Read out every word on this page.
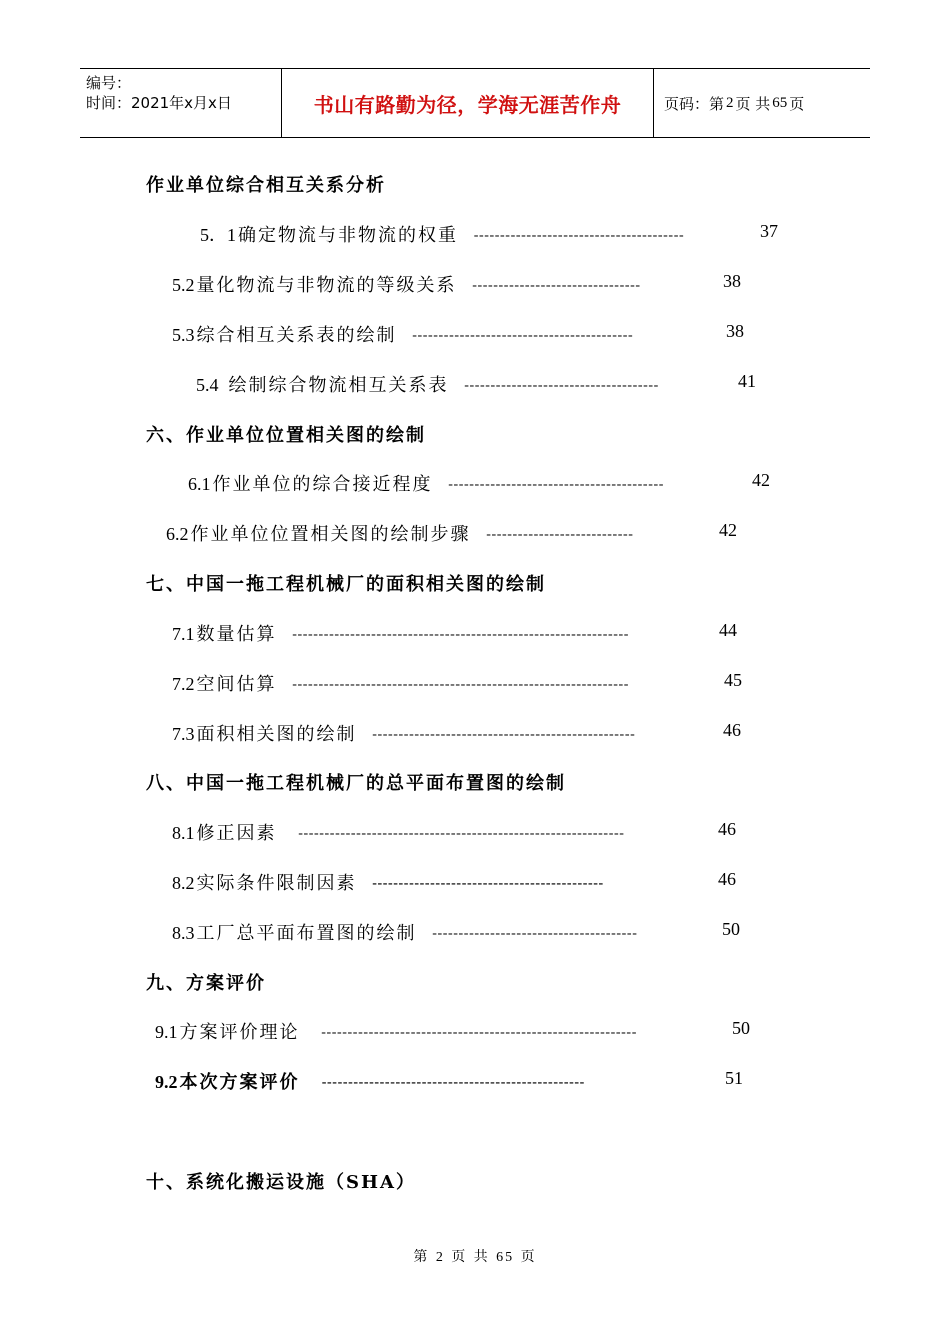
编号：
时间：2021年x月x日	书山有路勤为径，学海无涯苦作舟	页码：第 2 页 共 65 页
作业单位综合相互关系分析
5．1 确定物流与非物流的权重 ----------------------------------------	37
5.2 量化物流与非物流的等级关系 --------------------------------	38
5.3 综合相互关系表的绘制 ------------------------------------------	38
5.4 绘制综合物流相互关系表 -------------------------------------	41
六、作业单位位置相关图的绘制
6.1 作业单位的综合接近程度 -----------------------------------------	42
6.2 作业单位位置相关图的绘制步骤 ----------------------------	42
七、中国一拖工程机械厂的面积相关图的绘制
7.1 数量估算 ----------------------------------------------------------------	44
7.2 空间估算 ----------------------------------------------------------------	45
7.3 面积相关图的绘制 --------------------------------------------------	46
八、中国一拖工程机械厂的总平面布置图的绘制
8.1 修正因素 --------------------------------------------------------------	46
8.2 实际条件限制因素 --------------------------------------------	46
8.3 工厂总平面布置图的绘制 ---------------------------------------	50
九、方案评价
9.1 方案评价理论 ------------------------------------------------------------	50
9.2 本次方案评价 --------------------------------------------------	51
十、系统化搬运设施（SHA）
第 2 页 共 65 页
